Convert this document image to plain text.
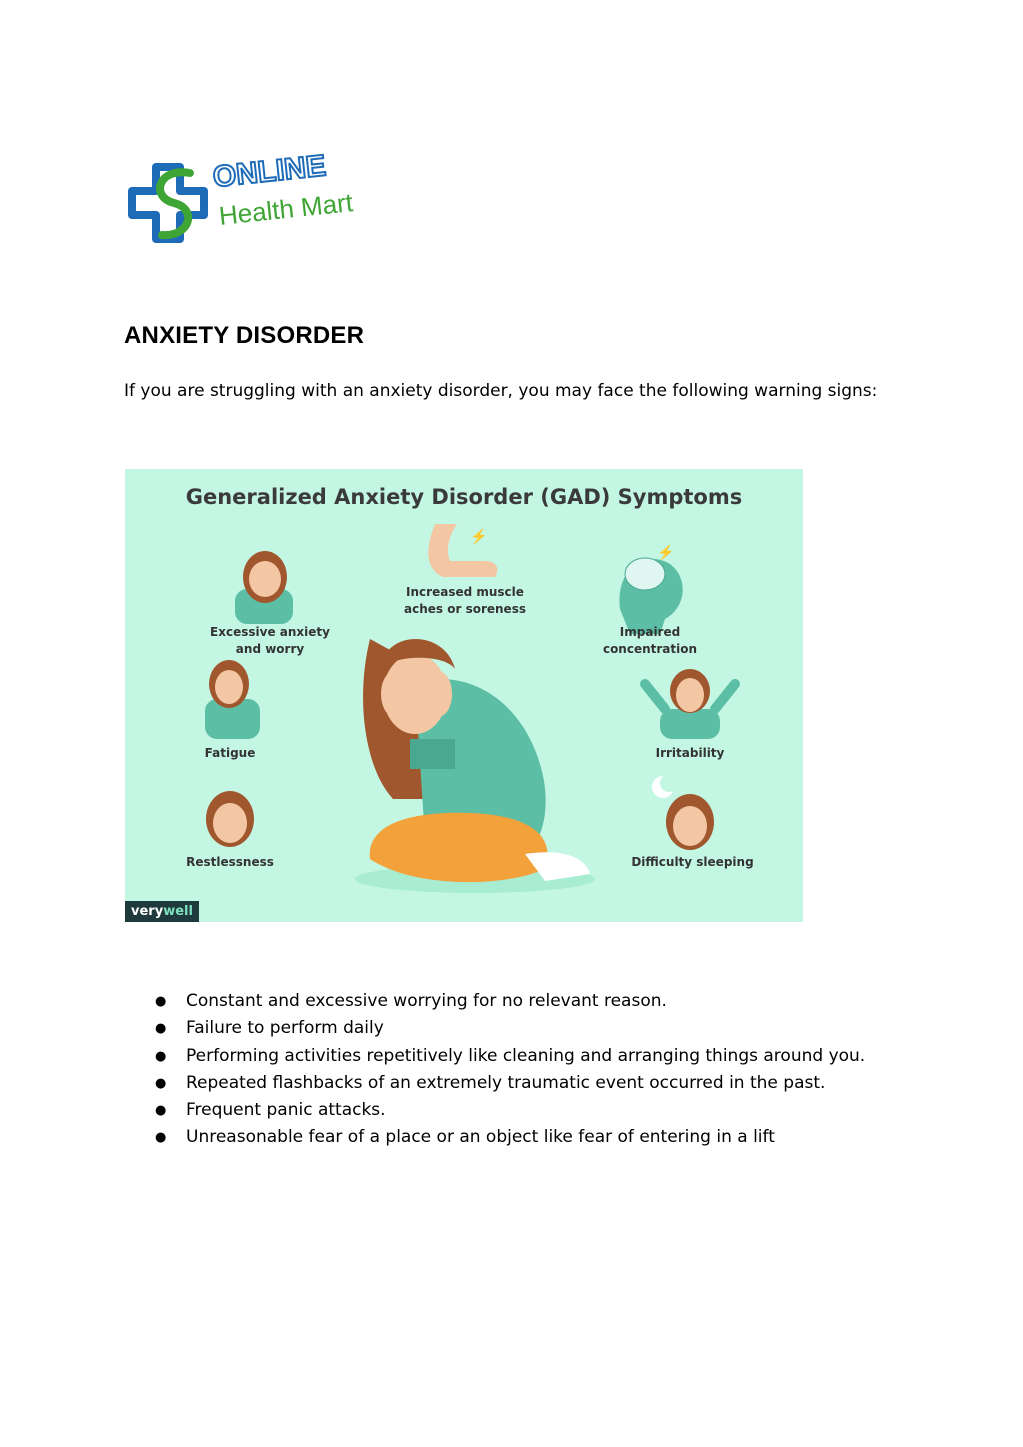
ONLINE
Health Mart
ANXIETY DISORDER

If you are struggling with an anxiety disorder, you may face the following warning signs:

⚡
⚡
Generalized Anxiety Disorder (GAD) Symptoms
Increased muscle
aches or soreness
Excessive anxiety
and worry
Impaired
concentration
Fatigue	Irritability
Restlessness	Difficulty sleeping
verywell
● Constant and excessive worrying for no relevant reason.
● Failure to perform daily
● Performing activities repetitively like cleaning and arranging things around you.
● Repeated flashbacks of an extremely traumatic event occurred in the past.
● Frequent panic attacks.
● Unreasonable fear of a place or an object like fear of entering in a lift
